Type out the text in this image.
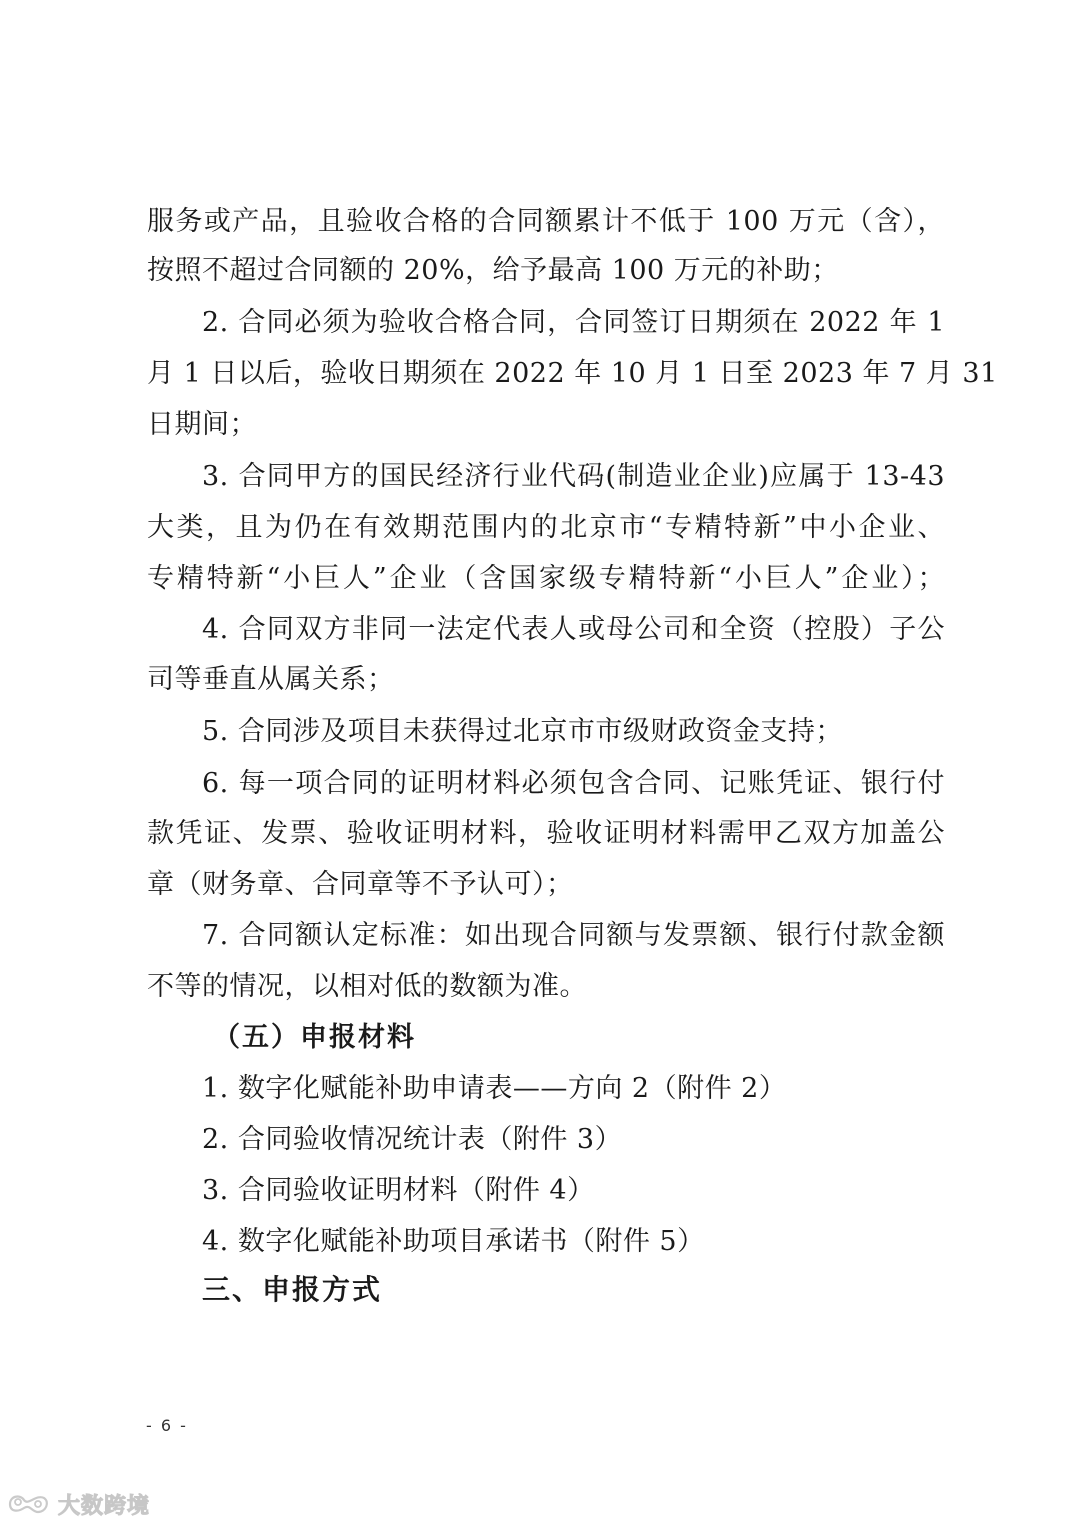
服务或产品，且验收合格的合同额累计不低于 100 万元（含），
按照不超过合同额的 20%，给予最高 100 万元的补助；
2. 合同必须为验收合格合同，合同签订日期须在 2022 年 1
月 1 日以后，验收日期须在 2022 年 10 月 1 日至 2023 年 7 月 31
日期间；
3. 合同甲方的国民经济行业代码(制造业企业)应属于 13-43
大类，且为仍在有效期范围内的北京市“专精特新”中小企业、
专精特新“小巨人”企业（含国家级专精特新“小巨人”企业）；
4. 合同双方非同一法定代表人或母公司和全资（控股）子公
司等垂直从属关系；
5. 合同涉及项目未获得过北京市市级财政资金支持；
6. 每一项合同的证明材料必须包含合同、记账凭证、银行付
款凭证、发票、验收证明材料，验收证明材料需甲乙双方加盖公
章（财务章、合同章等不予认可）；
7. 合同额认定标准：如出现合同额与发票额、银行付款金额
不等的情况，以相对低的数额为准。
（五）申报材料
1. 数字化赋能补助申请表——方向 2（附件 2）
2. 合同验收情况统计表（附件 3）
3. 合同验收证明材料（附件 4）
4. 数字化赋能补助项目承诺书（附件 5）
三、申报方式
- 6 -
大数跨境
